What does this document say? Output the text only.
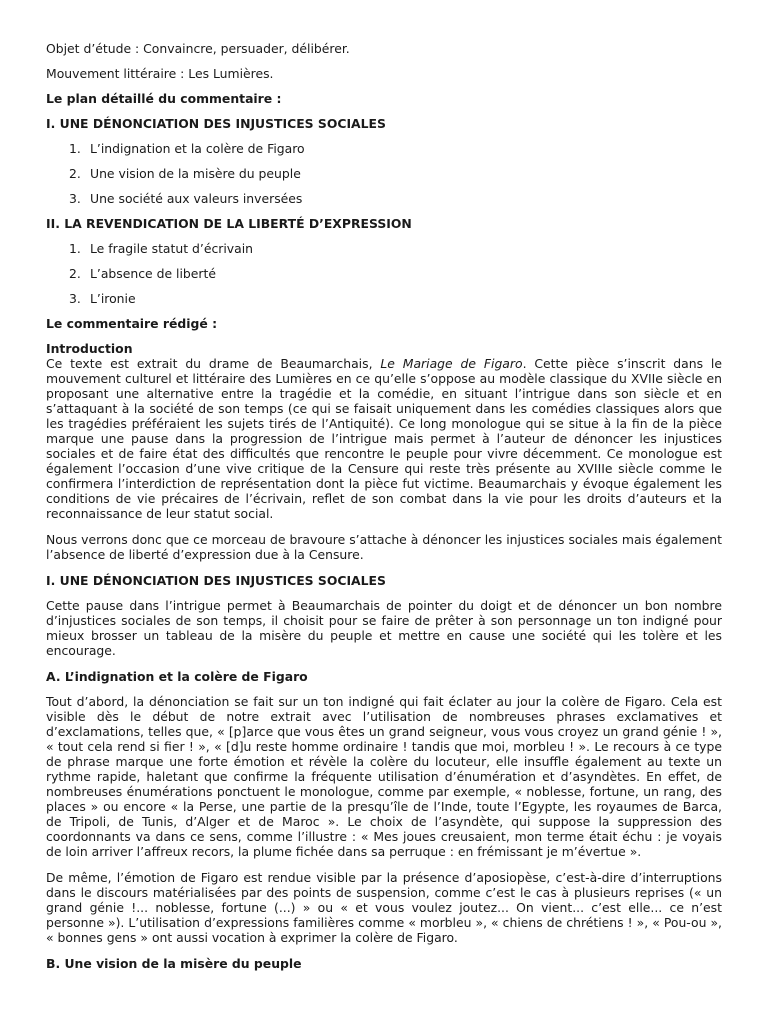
Objet d’étude : Convaincre, persuader, délibérer.

Mouvement littéraire : Les Lumières.

Le plan détaillé du commentaire :

I. UNE DÉNONCIATION DES INJUSTICES SOCIALES

1. L’indignation et la colère de Figaro
2. Une vision de la misère du peuple
3. Une société aux valeurs inversées

II. LA REVENDICATION DE LA LIBERTÉ D’EXPRESSION

1. Le fragile statut d’écrivain
2. L’absence de liberté
3. L’ironie

Le commentaire rédigé :

Introduction

Ce texte est extrait du drame de Beaumarchais, Le Mariage de Figaro. Cette pièce s’inscrit dans le mouvement culturel et littéraire des Lumières en ce qu’elle s’oppose au modèle classique du XVIIe siècle en proposant une alternative entre la tragédie et la comédie, en situant l’intrigue dans son siècle et en s’attaquant à la société de son temps (ce qui se faisait uniquement dans les comédies classiques alors que les tragédies préféraient les sujets tirés de l’Antiquité). Ce long monologue qui se situe à la fin de la pièce marque une pause dans la progression de l’intrigue mais permet à l’auteur de dénoncer les injustices sociales et de faire état des difficultés que rencontre le peuple pour vivre décemment. Ce monologue est également l’occasion d’une vive critique de la Censure qui reste très présente au XVIIIe siècle comme le confirmera l’interdiction de représentation dont la pièce fut victime. Beaumarchais y évoque également les conditions de vie précaires de l’écrivain, reflet de son combat dans la vie pour les droits d’auteurs et la reconnaissance de leur statut social.

Nous verrons donc que ce morceau de bravoure s’attache à dénoncer les injustices sociales mais également l’absence de liberté d’expression due à la Censure.

I. UNE DÉNONCIATION DES INJUSTICES SOCIALES

Cette pause dans l’intrigue permet à Beaumarchais de pointer du doigt et de dénoncer un bon nombre d’injustices sociales de son temps, il choisit pour se faire de prêter à son personnage un ton indigné pour mieux brosser un tableau de la misère du peuple et mettre en cause une société qui les tolère et les encourage.

A. L’indignation et la colère de Figaro

Tout d’abord, la dénonciation se fait sur un ton indigné qui fait éclater au jour la colère de Figaro. Cela est visible dès le début de notre extrait avec l’utilisation de nombreuses phrases exclamatives et d’exclamations, telles que, « [p]arce que vous êtes un grand seigneur, vous vous croyez un grand génie ! », « tout cela rend si fier ! », « [d]u reste homme ordinaire ! tandis que moi, morbleu ! ». Le recours à ce type de phrase marque une forte émotion et révèle la colère du locuteur, elle insuffle également au texte un rythme rapide, haletant que confirme la fréquente utilisation d’énumération et d’asyndètes. En effet, de nombreuses énumérations ponctuent le monologue, comme par exemple, « noblesse, fortune, un rang, des places » ou encore « la Perse, une partie de la presqu’île de l’Inde, toute l’Egypte, les royaumes de Barca, de Tripoli, de Tunis, d’Alger et de Maroc ». Le choix de l’asyndète, qui suppose la suppression des coordonnants va dans ce sens, comme l’illustre : « Mes joues creusaient, mon terme était échu : je voyais de loin arriver l’affreux recors, la plume fichée dans sa perruque : en frémissant je m’évertue ».

De même, l’émotion de Figaro est rendue visible par la présence d’aposiopèse, c’est-à-dire d’interruptions dans le discours matérialisées par des points de suspension, comme c’est le cas à plusieurs reprises (« un grand génie !... noblesse, fortune (...) » ou « et vous voulez joutez... On vient... c’est elle... ce n’est personne »). L’utilisation d’expressions familières comme « morbleu », « chiens de chrétiens ! », « Pou-ou », « bonnes gens » ont aussi vocation à exprimer la colère de Figaro.

B. Une vision de la misère du peuple
